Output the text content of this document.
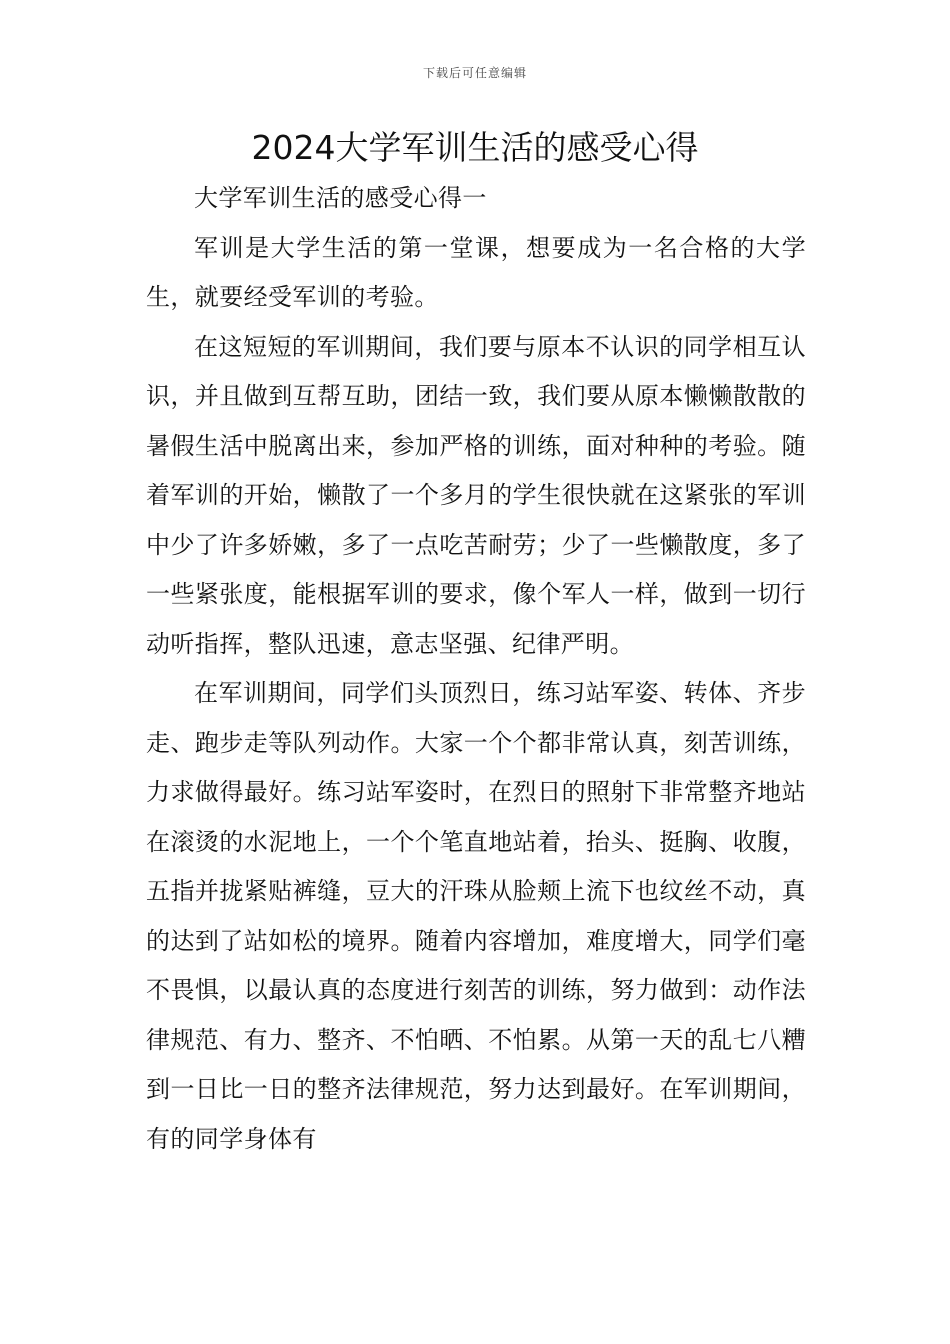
下载后可任意编辑
2024大学军训生活的感受心得

大学军训生活的感受心得一

军训是大学生活的第一堂课，想要成为一名合格的大学生，就要经受军训的考验。

在这短短的军训期间，我们要与原本不认识的同学相互认识，并且做到互帮互助，团结一致，我们要从原本懒懒散散的暑假生活中脱离出来，参加严格的训练，面对种种的考验。随着军训的开始，懒散了一个多月的学生很快就在这紧张的军训中少了许多娇嫩，多了一点吃苦耐劳；少了一些懒散度，多了一些紧张度，能根据军训的要求，像个军人一样，做到一切行动听指挥，整队迅速，意志坚强、纪律严明。

在军训期间，同学们头顶烈日，练习站军姿、转体、齐步走、跑步走等队列动作。大家一个个都非常认真，刻苦训练，力求做得最好。练习站军姿时，在烈日的照射下非常整齐地站在滚烫的水泥地上，一个个笔直地站着，抬头、挺胸、收腹，五指并拢紧贴裤缝，豆大的汗珠从脸颊上流下也纹丝不动，真的达到了站如松的境界。随着内容增加，难度增大，同学们毫不畏惧，以最认真的态度进行刻苦的训练，努力做到：动作法律规范、有力、整齐、不怕晒、不怕累。从第一天的乱七八糟到一日比一日的整齐法律规范，努力达到最好。在军训期间，有的同学身体有
